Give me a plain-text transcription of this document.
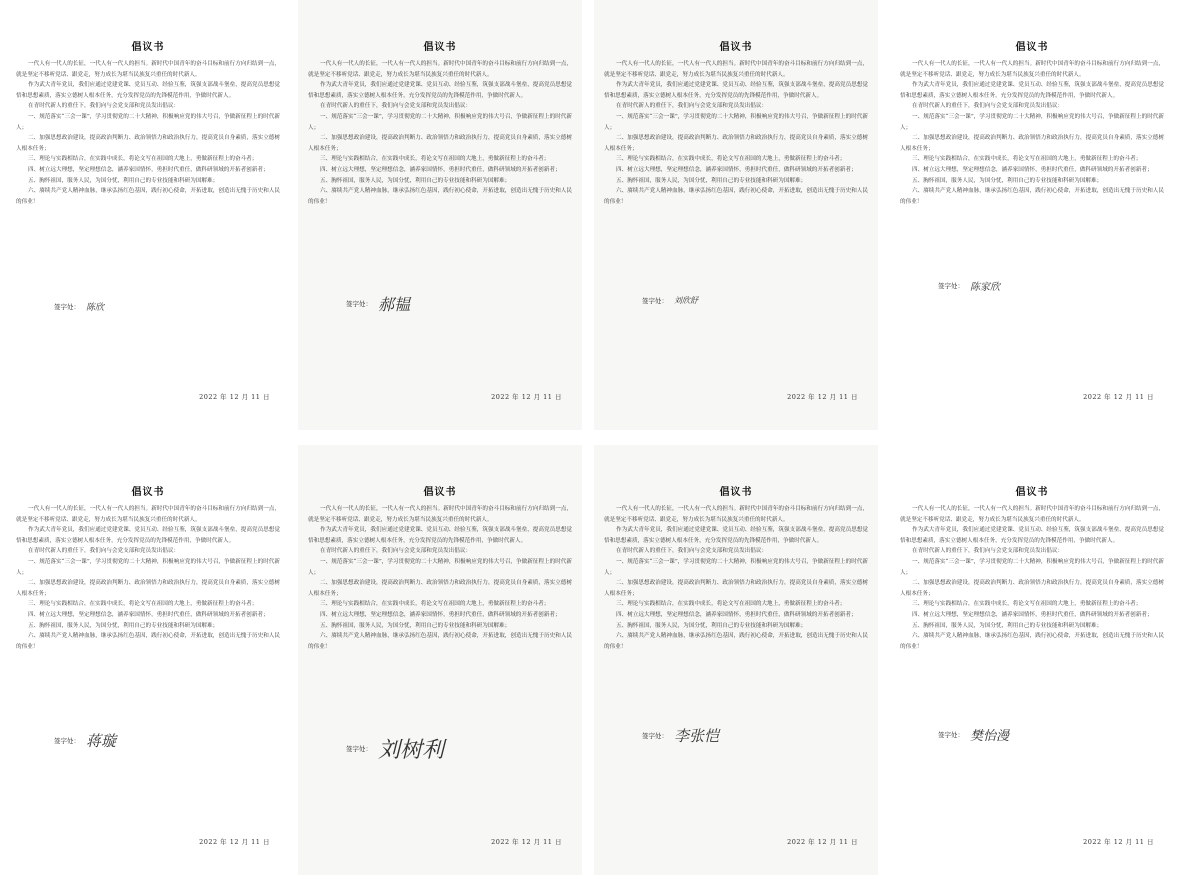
倡议书

一代人有一代人的长征，一代人有一代人的担当。新时代中国青年的奋斗目标和前行方向归结到一点，就是坚定不移听党话、跟党走，努力成长为堪当民族复兴重任的时代新人。

作为武大青年党员，我们应通过党建党课、党员互动、经验互鉴，筑强支部战斗堡垒，提高党员思想觉悟和思想素质，落实立德树人根本任务，充分发挥党员的先锋模范作用，争做时代新人。

在青时代新人的重任下，我们向与会党支部和党员发出倡议：

一、规范落实“三会一课”，学习贯彻党的二十大精神，积极响应党的伟大号召，争做新征程上的时代新人；

二、加强思想政治建设，提高政治判断力、政治领悟力和政治执行力，提高党员自身素质，落实立德树人根本任务；

三、理论与实践相结合，在实践中成长，将论文写在祖国的大地上，勇做新征程上的奋斗者；

四、树立远大理想，坚定理想信念，涵养家国情怀，勇担时代重任，做科研领域的开拓者创新者；

五、胸怀祖国，服务人民，为国分忧，利用自己的专业技能和科研为国解难；

六、赓续共产党人精神血脉，继承弘扬红色基因，践行初心使命，开拓进取，创造出无愧于历史和人民的伟业！

签字处： 陈欣
2022 年 12 月 11 日
倡议书

一代人有一代人的长征，一代人有一代人的担当。新时代中国青年的奋斗目标和前行方向归结到一点，就是坚定不移听党话、跟党走，努力成长为堪当民族复兴重任的时代新人。

作为武大青年党员，我们应通过党建党课、党员互动、经验互鉴，筑强支部战斗堡垒，提高党员思想觉悟和思想素质，落实立德树人根本任务，充分发挥党员的先锋模范作用，争做时代新人。

在青时代新人的重任下，我们向与会党支部和党员发出倡议：

一、规范落实“三会一课”，学习贯彻党的二十大精神，积极响应党的伟大号召，争做新征程上的时代新人；

二、加强思想政治建设，提高政治判断力、政治领悟力和政治执行力，提高党员自身素质，落实立德树人根本任务；

三、理论与实践相结合，在实践中成长，将论文写在祖国的大地上，勇做新征程上的奋斗者；

四、树立远大理想，坚定理想信念，涵养家国情怀，勇担时代重任，做科研领域的开拓者创新者；

五、胸怀祖国，服务人民，为国分忧，利用自己的专业技能和科研为国解难；

六、赓续共产党人精神血脉，继承弘扬红色基因，践行初心使命，开拓进取，创造出无愧于历史和人民的伟业！

签字处： 郝韫
2022 年 12 月 11 日
倡议书

一代人有一代人的长征，一代人有一代人的担当。新时代中国青年的奋斗目标和前行方向归结到一点，就是坚定不移听党话、跟党走，努力成长为堪当民族复兴重任的时代新人。

作为武大青年党员，我们应通过党建党课、党员互动、经验互鉴，筑强支部战斗堡垒，提高党员思想觉悟和思想素质，落实立德树人根本任务，充分发挥党员的先锋模范作用，争做时代新人。

在青时代新人的重任下，我们向与会党支部和党员发出倡议：

一、规范落实“三会一课”，学习贯彻党的二十大精神，积极响应党的伟大号召，争做新征程上的时代新人；

二、加强思想政治建设，提高政治判断力、政治领悟力和政治执行力，提高党员自身素质，落实立德树人根本任务；

三、理论与实践相结合，在实践中成长，将论文写在祖国的大地上，勇做新征程上的奋斗者；

四、树立远大理想，坚定理想信念，涵养家国情怀，勇担时代重任，做科研领域的开拓者创新者；

五、胸怀祖国，服务人民，为国分忧，利用自己的专业技能和科研为国解难；

六、赓续共产党人精神血脉，继承弘扬红色基因，践行初心使命，开拓进取，创造出无愧于历史和人民的伟业！

签字处： 刘欣舒
2022 年 12 月 11 日
倡议书

一代人有一代人的长征，一代人有一代人的担当。新时代中国青年的奋斗目标和前行方向归结到一点，就是坚定不移听党话、跟党走，努力成长为堪当民族复兴重任的时代新人。

作为武大青年党员，我们应通过党建党课、党员互动、经验互鉴，筑强支部战斗堡垒，提高党员思想觉悟和思想素质，落实立德树人根本任务，充分发挥党员的先锋模范作用，争做时代新人。

在青时代新人的重任下，我们向与会党支部和党员发出倡议：

一、规范落实“三会一课”，学习贯彻党的二十大精神，积极响应党的伟大号召，争做新征程上的时代新人；

二、加强思想政治建设，提高政治判断力、政治领悟力和政治执行力，提高党员自身素质，落实立德树人根本任务；

三、理论与实践相结合，在实践中成长，将论文写在祖国的大地上，勇做新征程上的奋斗者；

四、树立远大理想，坚定理想信念，涵养家国情怀，勇担时代重任，做科研领域的开拓者创新者；

五、胸怀祖国，服务人民，为国分忧，利用自己的专业技能和科研为国解难；

六、赓续共产党人精神血脉，继承弘扬红色基因，践行初心使命，开拓进取，创造出无愧于历史和人民的伟业！

签字处： 陈家欣
2022 年 12 月 11 日
倡议书

一代人有一代人的长征，一代人有一代人的担当。新时代中国青年的奋斗目标和前行方向归结到一点，就是坚定不移听党话、跟党走，努力成长为堪当民族复兴重任的时代新人。

作为武大青年党员，我们应通过党建党课、党员互动、经验互鉴，筑强支部战斗堡垒，提高党员思想觉悟和思想素质，落实立德树人根本任务，充分发挥党员的先锋模范作用，争做时代新人。

在青时代新人的重任下，我们向与会党支部和党员发出倡议：

一、规范落实“三会一课”，学习贯彻党的二十大精神，积极响应党的伟大号召，争做新征程上的时代新人；

二、加强思想政治建设，提高政治判断力、政治领悟力和政治执行力，提高党员自身素质，落实立德树人根本任务；

三、理论与实践相结合，在实践中成长，将论文写在祖国的大地上，勇做新征程上的奋斗者；

四、树立远大理想，坚定理想信念，涵养家国情怀，勇担时代重任，做科研领域的开拓者创新者；

五、胸怀祖国，服务人民，为国分忧，利用自己的专业技能和科研为国解难；

六、赓续共产党人精神血脉，继承弘扬红色基因，践行初心使命，开拓进取，创造出无愧于历史和人民的伟业！

签字处： 蒋璇
2022 年 12 月 11 日
倡议书

一代人有一代人的长征，一代人有一代人的担当。新时代中国青年的奋斗目标和前行方向归结到一点，就是坚定不移听党话、跟党走，努力成长为堪当民族复兴重任的时代新人。

作为武大青年党员，我们应通过党建党课、党员互动、经验互鉴，筑强支部战斗堡垒，提高党员思想觉悟和思想素质，落实立德树人根本任务，充分发挥党员的先锋模范作用，争做时代新人。

在青时代新人的重任下，我们向与会党支部和党员发出倡议：

一、规范落实“三会一课”，学习贯彻党的二十大精神，积极响应党的伟大号召，争做新征程上的时代新人；

二、加强思想政治建设，提高政治判断力、政治领悟力和政治执行力，提高党员自身素质，落实立德树人根本任务；

三、理论与实践相结合，在实践中成长，将论文写在祖国的大地上，勇做新征程上的奋斗者；

四、树立远大理想，坚定理想信念，涵养家国情怀，勇担时代重任，做科研领域的开拓者创新者；

五、胸怀祖国，服务人民，为国分忧，利用自己的专业技能和科研为国解难；

六、赓续共产党人精神血脉，继承弘扬红色基因，践行初心使命，开拓进取，创造出无愧于历史和人民的伟业！

签字处： 刘树利
2022 年 12 月 11 日
倡议书

一代人有一代人的长征，一代人有一代人的担当。新时代中国青年的奋斗目标和前行方向归结到一点，就是坚定不移听党话、跟党走，努力成长为堪当民族复兴重任的时代新人。

作为武大青年党员，我们应通过党建党课、党员互动、经验互鉴，筑强支部战斗堡垒，提高党员思想觉悟和思想素质，落实立德树人根本任务，充分发挥党员的先锋模范作用，争做时代新人。

在青时代新人的重任下，我们向与会党支部和党员发出倡议：

一、规范落实“三会一课”，学习贯彻党的二十大精神，积极响应党的伟大号召，争做新征程上的时代新人；

二、加强思想政治建设，提高政治判断力、政治领悟力和政治执行力，提高党员自身素质，落实立德树人根本任务；

三、理论与实践相结合，在实践中成长，将论文写在祖国的大地上，勇做新征程上的奋斗者；

四、树立远大理想，坚定理想信念，涵养家国情怀，勇担时代重任，做科研领域的开拓者创新者；

五、胸怀祖国，服务人民，为国分忧，利用自己的专业技能和科研为国解难；

六、赓续共产党人精神血脉，继承弘扬红色基因，践行初心使命，开拓进取，创造出无愧于历史和人民的伟业！

签字处： 李张恺
2022 年 12 月 11 日
倡议书

一代人有一代人的长征，一代人有一代人的担当。新时代中国青年的奋斗目标和前行方向归结到一点，就是坚定不移听党话、跟党走，努力成长为堪当民族复兴重任的时代新人。

作为武大青年党员，我们应通过党建党课、党员互动、经验互鉴，筑强支部战斗堡垒，提高党员思想觉悟和思想素质，落实立德树人根本任务，充分发挥党员的先锋模范作用，争做时代新人。

在青时代新人的重任下，我们向与会党支部和党员发出倡议：

一、规范落实“三会一课”，学习贯彻党的二十大精神，积极响应党的伟大号召，争做新征程上的时代新人；

二、加强思想政治建设，提高政治判断力、政治领悟力和政治执行力，提高党员自身素质，落实立德树人根本任务；

三、理论与实践相结合，在实践中成长，将论文写在祖国的大地上，勇做新征程上的奋斗者；

四、树立远大理想，坚定理想信念，涵养家国情怀，勇担时代重任，做科研领域的开拓者创新者；

五、胸怀祖国，服务人民，为国分忧，利用自己的专业技能和科研为国解难；

六、赓续共产党人精神血脉，继承弘扬红色基因，践行初心使命，开拓进取，创造出无愧于历史和人民的伟业！

签字处： 樊怡漫
2022 年 12 月 11 日
